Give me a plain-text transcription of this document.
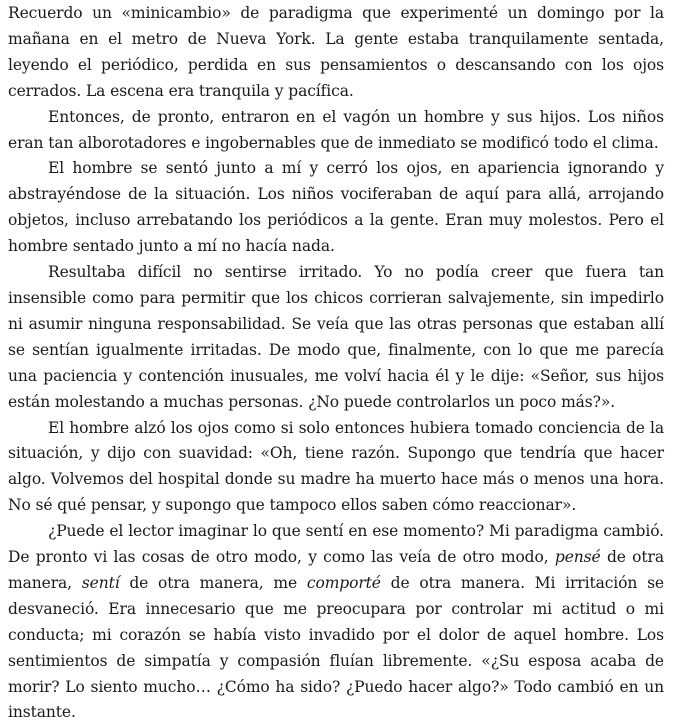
Recuerdo un «minicambio» de paradigma que experimenté un domingo por la mañana en el metro de Nueva York. La gente estaba tranquilamente sentada, leyendo el periódico, perdida en sus pensamientos o descansando con los ojos cerrados. La escena era tranquila y pacífica.

Entonces, de pronto, entraron en el vagón un hombre y sus hijos. Los niños eran tan alborotadores e ingobernables que de inmediato se modificó todo el clima.

El hombre se sentó junto a mí y cerró los ojos, en apariencia ignorando y abstrayéndose de la situación. Los niños vociferaban de aquí para allá, arrojando objetos, incluso arrebatando los periódicos a la gente. Eran muy molestos. Pero el hombre sentado junto a mí no hacía nada.

Resultaba difícil no sentirse irritado. Yo no podía creer que fuera tan insensible como para permitir que los chicos corrieran salvajemente, sin impedirlo ni asumir ninguna responsabilidad. Se veía que las otras personas que estaban allí se sentían igualmente irritadas. De modo que, finalmente, con lo que me parecía una paciencia y contención inusuales, me volví hacia él y le dije: «Señor, sus hijos están molestando a muchas personas. ¿No puede controlarlos un poco más?».

El hombre alzó los ojos como si solo entonces hubiera tomado conciencia de la situación, y dijo con suavidad: «Oh, tiene razón. Supongo que tendría que hacer algo. Volvemos del hospital donde su madre ha muerto hace más o menos una hora. No sé qué pensar, y supongo que tampoco ellos saben cómo reaccionar».

¿Puede el lector imaginar lo que sentí en ese momento? Mi paradigma cambió. De pronto vi las cosas de otro modo, y como las veía de otro modo, pensé de otra manera, sentí de otra manera, me comporté de otra manera. Mi irritación se desvaneció. Era innecesario que me preocupara por controlar mi actitud o mi conducta; mi corazón se había visto invadido por el dolor de aquel hombre. Los sentimientos de simpatía y compasión fluían libremente. «¿Su esposa acaba de morir? Lo siento mucho… ¿Cómo ha sido? ¿Puedo hacer algo?» Todo cambió en un instante.
